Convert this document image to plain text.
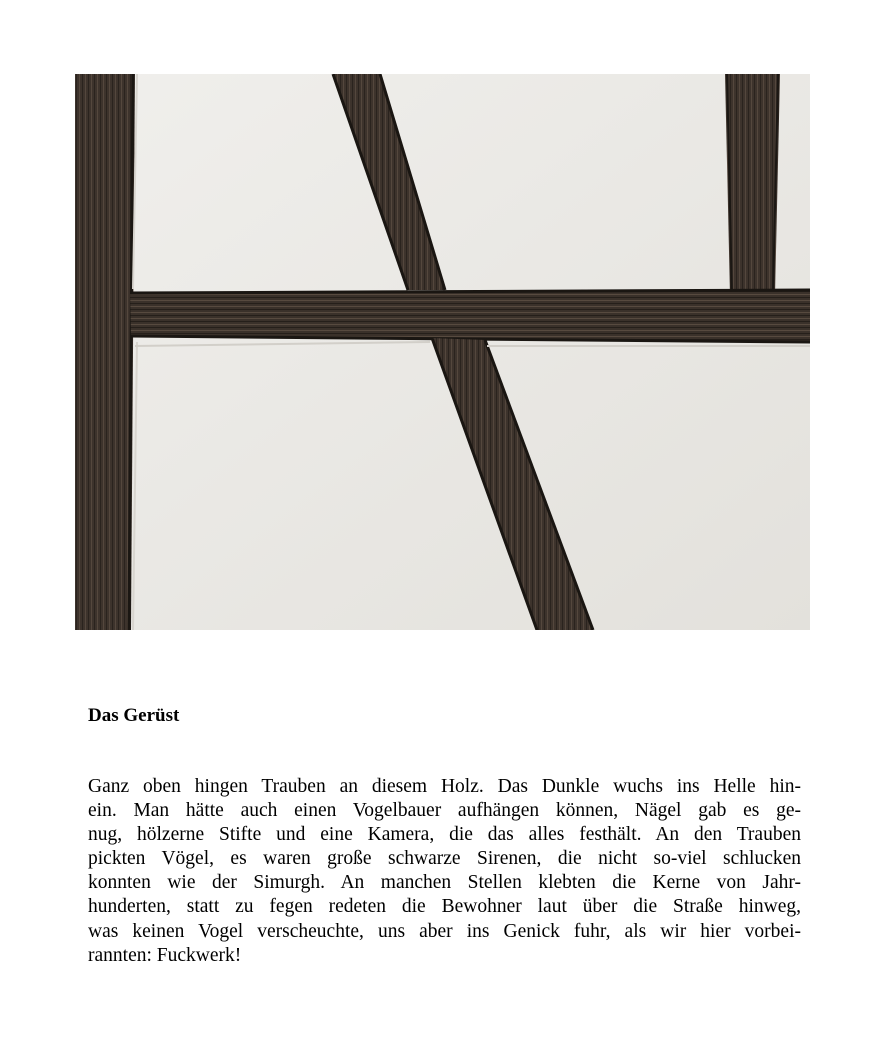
Das Gerüst
Ganz oben hingen Trauben an diesem Holz. Das Dunkle wuchs ins Helle hin-
ein. Man hätte auch einen Vogelbauer aufhängen können, Nägel gab es ge-
nug, hölzerne Stifte und eine Kamera, die das alles festhält. An den Trauben
pickten Vögel, es waren große schwarze Sirenen, die nicht so-viel schlucken
konnten wie der Simurgh. An manchen Stellen klebten die Kerne von Jahr-
hunderten, statt zu fegen redeten die Bewohner laut über die Straße hinweg,
was keinen Vogel verscheuchte, uns aber ins Genick fuhr, als wir hier vorbei-
rannten: Fuckwerk!
